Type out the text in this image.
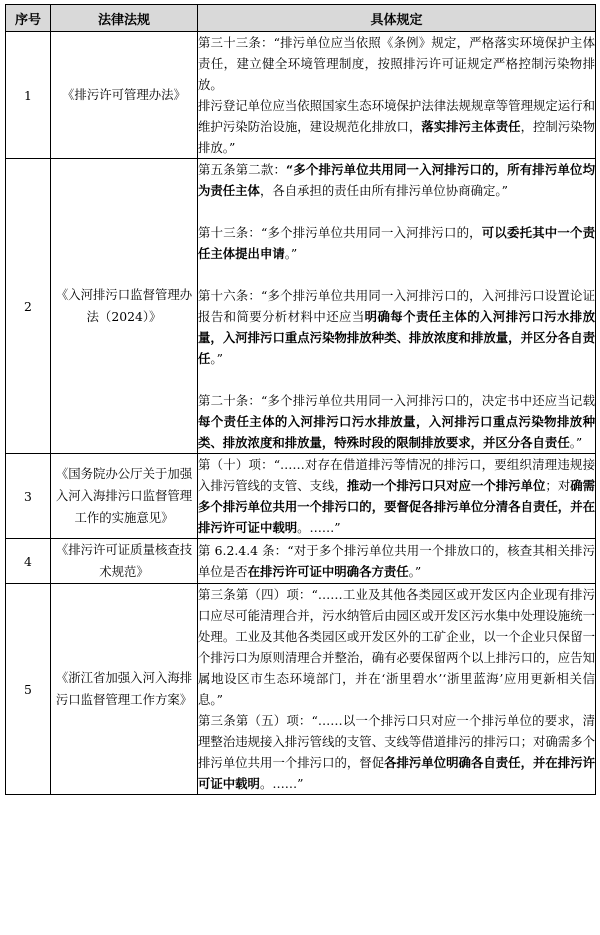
序号	法律法规	具体规定
1	《排污许可管理办法》	第三十三条：“排污单位应当依照《条例》规定，严格落实环境保护主体责任，建立健全环境管理制度，按照排污许可证规定严格控制污染物排放。
排污登记单位应当依照国家生态环境保护法律法规规章等管理规定运行和维护污染防治设施，建设规范化排放口，落实排污主体责任，控制污染物排放。”

2	《入河排污口监督管理办法（2024）》	第五条第二款：“多个排污单位共用同一入河排污口的，所有排污单位均为责任主体，各自承担的责任由所有排污单位协商确定。”
第十三条：“多个排污单位共用同一入河排污口的，可以委托其中一个责任主体提出申请。”
第十六条：“多个排污单位共用同一入河排污口的，入河排污口设置论证报告和简要分析材料中还应当明确每个责任主体的入河排污口污水排放量，入河排污口重点污染物排放种类、排放浓度和排放量，并区分各自责任。”
第二十条：“多个排污单位共用同一入河排污口的，决定书中还应当记载每个责任主体的入河排污口污水排放量，入河排污口重点污染物排放种类、排放浓度和排放量，特殊时段的限制排放要求，并区分各自责任。”

3	《国务院办公厅关于加强入河入海排污口监督管理工作的实施意见》	第（十）项：“……对存在借道排污等情况的排污口，要组织清理违规接入排污管线的支管、支线，推动一个排污口只对应一个排污单位；对确需多个排污单位共用一个排污口的，要督促各排污单位分清各自责任，并在排污许可证中载明。……”

4	《排污许可证质量核查技术规范》	第 6.2.4.4 条：“对于多个排污单位共用一个排放口的，核查其相关排污单位是否在排污许可证中明确各方责任。”

5	《浙江省加强入河入海排污口监督管理工作方案》	第三条第（四）项：“……工业及其他各类园区或开发区内企业现有排污口应尽可能清理合并，污水纳管后由园区或开发区污水集中处理设施统一处理。工业及其他各类园区或开发区外的工矿企业，以一个企业只保留一个排污口为原则清理合并整治，确有必要保留两个以上排污口的，应告知属地设区市生态环境部门，并在‘浙里碧水’‘浙里蓝海’应用更新相关信息。”
第三条第（五）项：“……以一个排污口只对应一个排污单位的要求，清理整治违规接入排污管线的支管、支线等借道排污的排污口；对确需多个排污单位共用一个排污口的，督促各排污单位明确各自责任，并在排污许可证中载明。……”
